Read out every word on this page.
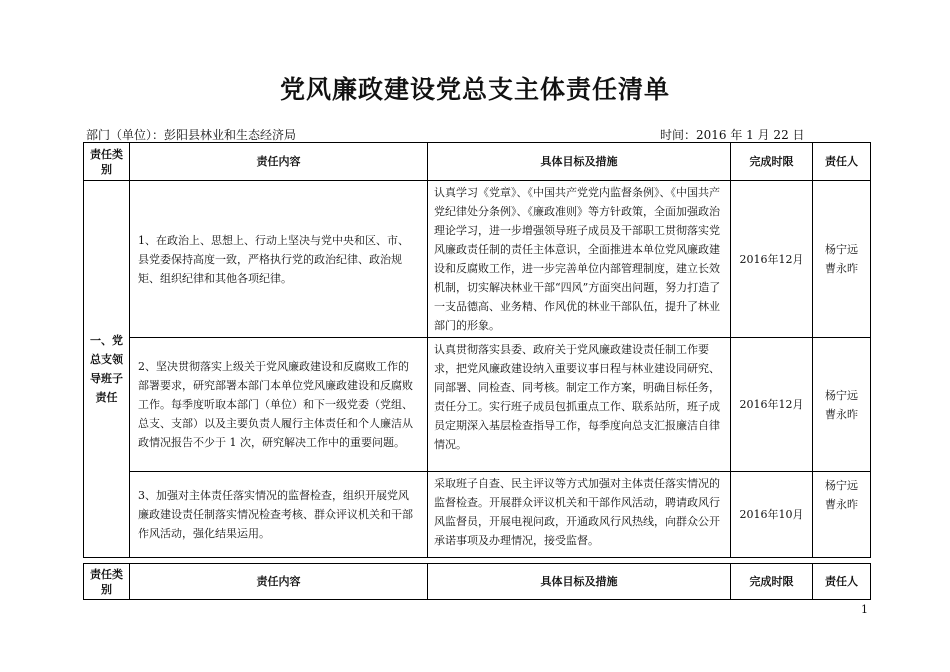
党风廉政建设党总支主体责任清单
部门（单位）：彭阳县林业和生态经济局	时间：2016 年 1 月 22 日
责任类别	责任内容	具体目标及措施	完成时限	责任人
一、党总支领导班子责任	1、在政治上、思想上、行动上坚决与党中央和区、市、县党委保持高度一致，严格执行党的政治纪律、政治规矩、组织纪律和其他各项纪律。	认真学习《党章》、《中国共产党党内监督条例》、《中国共产党纪律处分条例》、《廉政准则》等方针政策，全面加强政治理论学习，进一步增强领导班子成员及干部职工贯彻落实党风廉政责任制的责任主体意识，全面推进本单位党风廉政建设和反腐败工作，进一步完善单位内部管理制度，建立长效机制，切实解决林业干部“四风”方面突出问题，努力打造了一支品德高、业务精、作风优的林业干部队伍，提升了林业部门的形象。	2016年12月	杨宁远
曹永昨
	2、坚决贯彻落实上级关于党风廉政建设和反腐败工作的部署要求，研究部署本部门本单位党风廉政建设和反腐败工作。每季度听取本部门（单位）和下一级党委（党组、总支、支部）以及主要负责人履行主体责任和个人廉洁从政情况报告不少于 1 次，研究解决工作中的重要问题。	认真贯彻落实县委、政府关于党风廉政建设责任制工作要求，把党风廉政建设纳入重要议事日程与林业建设同研究、同部署、同检查、同考核。制定工作方案，明确目标任务，责任分工。实行班子成员包抓重点工作、联系站所，班子成员定期深入基层检查指导工作，每季度向总支汇报廉洁自律情况。	2016年12月	杨宁远
曹永昨
	3、加强对主体责任落实情况的监督检查，组织开展党风廉政建设责任制落实情况检查考核、群众评议机关和干部作风活动，强化结果运用。	采取班子自查、民主评议等方式加强对主体责任落实情况的监督检查。开展群众评议机关和干部作风活动，聘请政风行风监督员，开展电视问政，开通政风行风热线，向群众公开承诺事项及办理情况，接受监督。	2016年10月	杨宁远
曹永昨
责任类别	责任内容	具体目标及措施	完成时限	责任人
1
